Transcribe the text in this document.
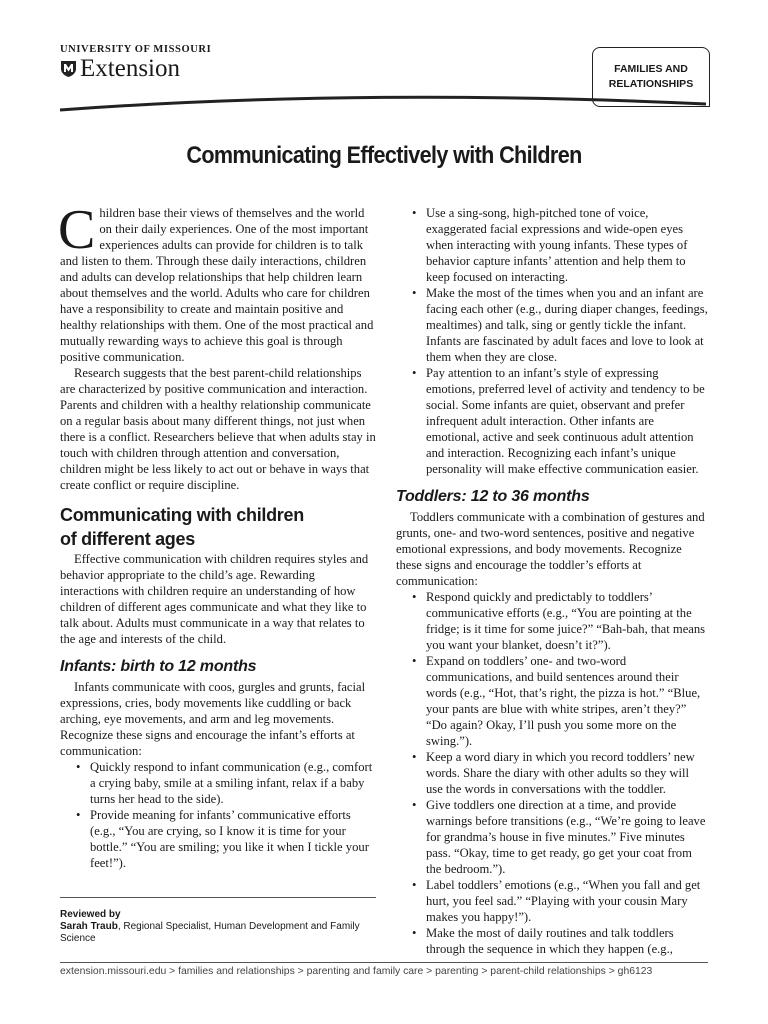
UNIVERSITY OF MISSOURI
Extension	FAMILIES AND
RELATIONSHIPS
Communicating Effectively with Children

C hildren base their views of themselves and the world on their daily experiences. One of the most important experiences adults can provide for children is to talk and listen to them. Through these daily interactions, children and adults can develop relationships that help children learn about themselves and the world. Adults who care for children have a responsibility to create and maintain positive and healthy relationships with them. One of the most practical and mutually rewarding ways to achieve this goal is through positive communication.

Research suggests that the best parent-child relationships are characterized by positive communication and interaction. Parents and children with a healthy relationship communicate on a regular basis about many different things, not just when there is a conflict. Researchers believe that when adults stay in touch with children through attention and conversation, children might be less likely to act out or behave in ways that create conflict or require discipline.

Communicating with children
of different ages

Effective communication with children requires styles and behavior appropriate to the child’s age. Rewarding interactions with children require an understanding of how children of different ages communicate and what they like to talk about. Adults must communicate in a way that relates to the age and interests of the child.

Infants: birth to 12 months

Infants communicate with coos, gurgles and grunts, facial expressions, cries, body movements like cuddling or back arching, eye movements, and arm and leg movements. Recognize these signs and encourage the infant’s efforts at communication:

• Quickly respond to infant communication (e.g., comfort a crying baby, smile at a smiling infant, relax if a baby turns her head to the side).
• Provide meaning for infants’ communicative efforts (e.g., “You are crying, so I know it is time for your bottle.” “You are smiling; you like it when I tickle your feet!”).
Reviewed by
Sarah Traub, Regional Specialist, Human Development and Family Science
• Use a sing-song, high-pitched tone of voice, exaggerated facial expressions and wide-open eyes when interacting with young infants. These types of behavior capture infants’ attention and help them to keep focused on interacting.
• Make the most of the times when you and an infant are facing each other (e.g., during diaper changes, feedings, mealtimes) and talk, sing or gently tickle the infant. Infants are fascinated by adult faces and love to look at them when they are close.
• Pay attention to an infant’s style of expressing emotions, preferred level of activity and tendency to be social. Some infants are quiet, observant and prefer infrequent adult interaction. Other infants are emotional, active and seek continuous adult attention and interaction. Recognizing each infant’s unique personality will make effective communication easier.
Toddlers: 12 to 36 months

Toddlers communicate with a combination of gestures and grunts, one- and two-word sentences, positive and negative emotional expressions, and body movements. Recognize these signs and encourage the toddler’s efforts at communication:

• Respond quickly and predictably to toddlers’ communicative efforts (e.g., “You are pointing at the fridge; is it time for some juice?” “Bah-bah, that means you want your blanket, doesn’t it?”).
• Expand on toddlers’ one- and two-word communications, and build sentences around their words (e.g., “Hot, that’s right, the pizza is hot.” “Blue, your pants are blue with white stripes, aren’t they?” “Do again? Okay, I’ll push you some more on the swing.”).
• Keep a word diary in which you record toddlers’ new words. Share the diary with other adults so they will use the words in conversations with the toddler.
• Give toddlers one direction at a time, and provide warnings before transitions (e.g., “We’re going to leave for grandma’s house in five minutes.” Five minutes pass. “Okay, time to get ready, go get your coat from the bedroom.”).
• Label toddlers’ emotions (e.g., “When you fall and get hurt, you feel sad.” “Playing with your cousin Mary makes you happy!”).
• Make the most of daily routines and talk toddlers through the sequence in which they happen (e.g.,
extension.missouri.edu > families and relationships > parenting and family care > parenting > parent-child relationships > gh6123
